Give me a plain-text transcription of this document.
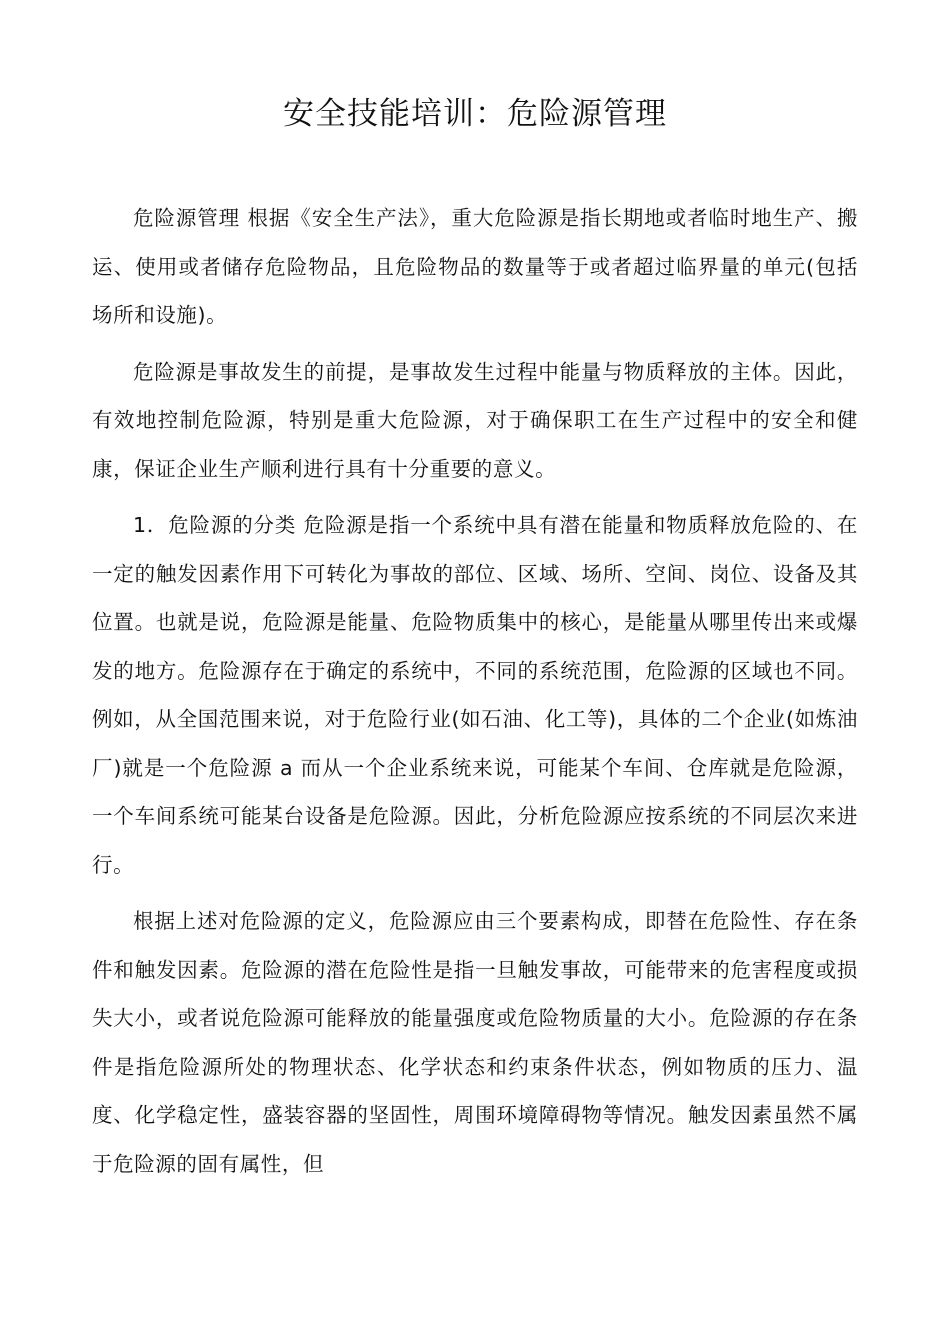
安全技能培训：危险源管理

危险源管理 根据《安全生产法》，重大危险源是指长期地或者临时地生产、搬运、使用或者储存危险物品，且危险物品的数量等于或者超过临界量的单元(包括场所和设施)。

危险源是事故发生的前提，是事故发生过程中能量与物质释放的主体。因此，有效地控制危险源，特别是重大危险源，对于确保职工在生产过程中的安全和健康，保证企业生产顺利进行具有十分重要的意义。

1．危险源的分类 危险源是指一个系统中具有潜在能量和物质释放危险的、在一定的触发因素作用下可转化为事故的部位、区域、场所、空间、岗位、设备及其位置。也就是说，危险源是能量、危险物质集中的核心，是能量从哪里传出来或爆发的地方。危险源存在于确定的系统中，不同的系统范围，危险源的区域也不同。例如，从全国范围来说，对于危险行业(如石油、化工等)，具体的二个企业(如炼油厂)就是一个危险源 a 而从一个企业系统来说，可能某个车间、仓库就是危险源，一个车间系统可能某台设备是危险源。因此，分析危险源应按系统的不同层次来进行。

根据上述对危险源的定义，危险源应由三个要素构成，即替在危险性、存在条件和触发因素。危险源的潜在危险性是指一旦触发事故，可能带来的危害程度或损失大小，或者说危险源可能释放的能量强度或危险物质量的大小。危险源的存在条件是指危险源所处的物理状态、化学状态和约束条件状态，例如物质的压力、温度、化学稳定性，盛装容器的坚固性，周围环境障碍物等情况。触发因素虽然不属于危险源的固有属性，但
